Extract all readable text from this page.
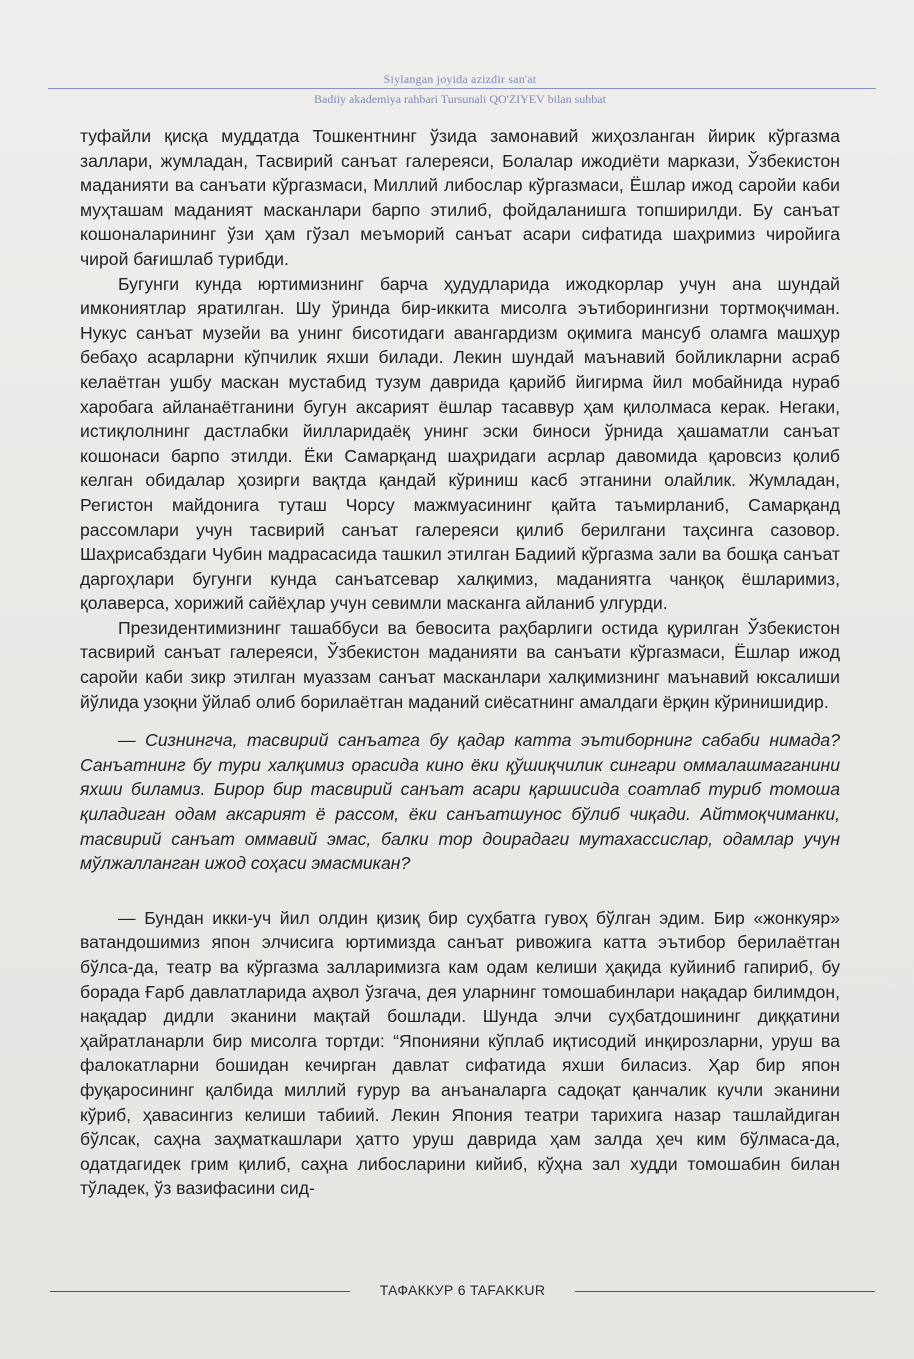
Siylangan joyida azizdir san'at
Badiiy akademiya rahbari Tursunali QO'ZIYEV bilan suhbat

туфайли қисқа муддатда Тошкентнинг ўзида замонавий жиҳозланган йирик кўргазма заллари, жумладан, Тасвирий санъат галереяси, Болалар ижодиёти маркази, Ўзбекистон маданияти ва санъати кўргазмаси, Миллий либослар кўргазмаси, Ёшлар ижод саройи каби муҳташам маданият масканлари барпо этилиб, фойдаланишга топширилди. Бу санъат кошоналарининг ўзи ҳам гўзал меъморий санъат асари сифатида шаҳримиз чиройига чирой бағишлаб турибди.

Бугунги кунда юртимизнинг барча ҳудудларида ижодкорлар учун ана шундай имкониятлар яратилган. Шу ўринда бир-иккита мисолга эътиборингизни тортмоқчиман. Нукус санъат музейи ва унинг бисотидаги авангардизм оқимига мансуб оламга машҳур бебаҳо асарларни кўпчилик яхши билади. Лекин шундай маънавий бойликларни асраб келаётган ушбу маскан мустабид тузум даврида қарийб йигирма йил мобайнида нураб харобага айланаётганини бугун аксарият ёшлар тасаввур ҳам қилолмаса керак. Негаки, истиқлолнинг дастлабки йилларидаёқ унинг эски биноси ўрнида ҳашаматли санъат кошонаси барпо этилди. Ёки Самарқанд шаҳридаги асрлар давомида қаровсиз қолиб келган обидалар ҳозирги вақтда қандай кўриниш касб этганини олайлик. Жумладан, Регистон майдонига туташ Чорсу мажмуасининг қайта таъмирланиб, Самарқанд рассомлари учун тасвирий санъат галереяси қилиб берилгани таҳсинга сазовор. Шаҳрисабздаги Чубин мадрасасида ташкил этилган Бадиий кўргазма зали ва бошқа санъат даргоҳлари бугунги кунда санъатсевар халқимиз, маданиятга чанқоқ ёшларимиз, қолаверса, хорижий сайёҳлар учун севимли масканга айланиб улгурди.

Президентимизнинг ташаббуси ва бевосита раҳбарлиги остида қурилган Ўзбекистон тасвирий санъат галереяси, Ўзбекистон маданияти ва санъати кўргазмаси, Ёшлар ижод саройи каби зикр этилган муаззам санъат масканлари халқимизнинг маънавий юксалиши йўлида узоқни ўйлаб олиб борилаётган маданий сиёсатнинг амалдаги ёрқин кўринишидир.

— Сизнингча, тасвирий санъатга бу қадар катта эътиборнинг сабаби нимада? Санъатнинг бу тури халқимиз орасида кино ёки қўшиқчилик сингари оммалашмаганини яхши биламиз. Бирор бир тасвирий санъат асари қаршисида соатлаб туриб томоша қиладиган одам аксарият ё рассом, ёки санъатшунос бўлиб чиқади. Айтмоқчиманки, тасвирий санъат оммавий эмас, балки тор доирадаги мутахассислар, одамлар учун мўлжалланган ижод соҳаси эмасмикан?

— Бундан икки-уч йил олдин қизиқ бир суҳбатга гувоҳ бўлган эдим. Бир «жонкуяр» ватандошимиз япон элчисига юртимизда санъат ривожига катта эътибор берилаётган бўлса-да, театр ва кўргазма залларимизга кам одам келиши ҳақида куйиниб гапириб, бу борада Ғарб давлатларида аҳвол ўзгача, дея уларнинг томошабинлари нақадар билимдон, нақадар дидли эканини мақтай бошлади. Шунда элчи суҳбатдошининг диққатини ҳайратланарли бир мисолга тортди: “Японияни кўплаб иқтисодий инқирозларни, уруш ва фалокатларни бошидан кечирган давлат сифатида яхши биласиз. Ҳар бир япон фуқаросининг қалбида миллий ғурур ва анъаналарга садоқат қанчалик кучли эканини кўриб, ҳавасингиз келиши табиий. Лекин Япония театри тарихига назар ташлайдиган бўлсак, саҳна заҳматкашлари ҳатто уруш даврида ҳам залда ҳеч ким бўлмаса-да, одатдагидек грим қилиб, саҳна либосларини кийиб, кўҳна зал худди томошабин билан тўладек, ўз вазифасини сид-

ТАФАККУР 6 TAFAKKUR
